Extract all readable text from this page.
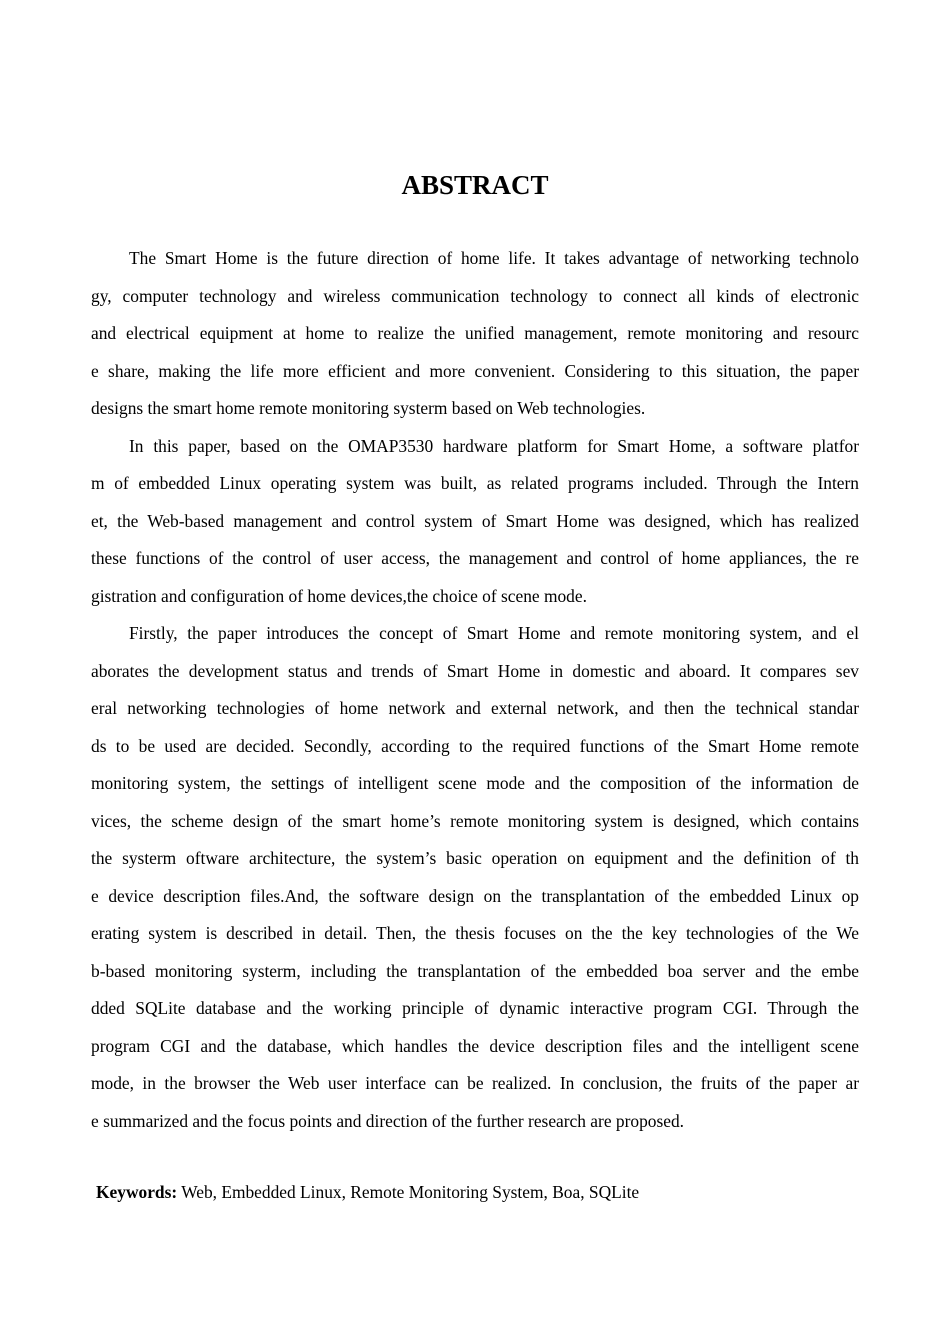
ABSTRACT
The Smart Home is the future direction of home life. It takes advantage of networking technolo
gy, computer technology and wireless communication technology to connect all kinds of electronic
and electrical equipment at home to realize the unified management, remote monitoring and resourc
e share, making the life more efficient and more convenient. Considering to this situation, the paper
designs the smart home remote monitoring systerm based on Web technologies.
In this paper, based on the OMAP3530 hardware platform for Smart Home, a software platfor
m of embedded Linux operating system was built, as related programs included. Through the Intern
et, the Web-based management and control system of Smart Home was designed, which has realized
these functions of the control of user access, the management and control of home appliances, the re
gistration and configuration of home devices,the choice of scene mode.
Firstly, the paper introduces the concept of Smart Home and remote monitoring system, and el
aborates the development status and trends of Smart Home in domestic and aboard. It compares sev
eral networking technologies of home network and external network, and then the technical standar
ds to be used are decided. Secondly, according to the required functions of the Smart Home remote
monitoring system, the settings of intelligent scene mode and the composition of the information de
vices, the scheme design of the smart home’s remote monitoring system is designed, which contains
the systerm oftware architecture, the system’s basic operation on equipment and the definition of th
e device description files.And, the software design on the transplantation of the embedded Linux op
erating system is described in detail. Then, the thesis focuses on the the key technologies of the We
b-based monitoring systerm, including the transplantation of the embedded boa server and the embe
dded SQLite database and the working principle of dynamic interactive program CGI. Through the
program CGI and the database, which handles the device description files and the intelligent scene
mode, in the browser the Web user interface can be realized. In conclusion, the fruits of the paper ar
e summarized and the focus points and direction of the further research are proposed.
Keywords: Web, Embedded Linux, Remote Monitoring System, Boa, SQLite
